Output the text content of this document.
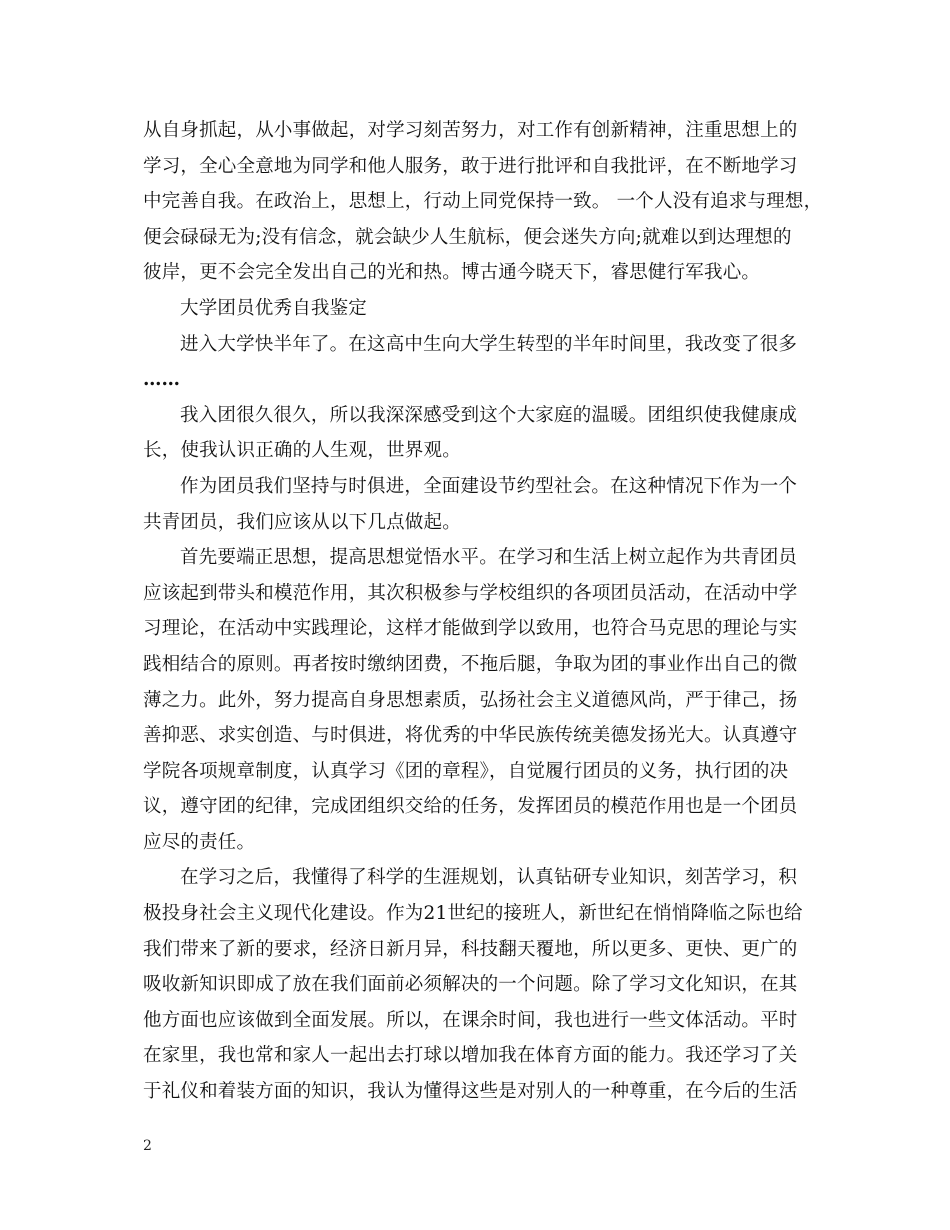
从自身抓起，从小事做起，对学习刻苦努力，对工作有创新精神，注重思想上的
学习，全心全意地为同学和他人服务，敢于进行批评和自我批评，在不断地学习
中完善自我。在政治上，思想上，行动上同党保持一致。 一个人没有追求与理想，
便会碌碌无为;没有信念，就会缺少人生航标，便会迷失方向;就难以到达理想的
彼岸，更不会完全发出自己的光和热。博古通今晓天下，睿思健行军我心。
大学团员优秀自我鉴定
进入大学快半年了。在这高中生向大学生转型的半年时间里，我改变了很多
……
我入团很久很久，所以我深深感受到这个大家庭的温暖。团组织使我健康成
长，使我认识正确的人生观，世界观。
作为团员我们坚持与时俱进，全面建设节约型社会。在这种情况下作为一个
共青团员，我们应该从以下几点做起。
首先要端正思想，提高思想觉悟水平。在学习和生活上树立起作为共青团员
应该起到带头和模范作用，其次积极参与学校组织的各项团员活动，在活动中学
习理论，在活动中实践理论，这样才能做到学以致用，也符合马克思的理论与实
践相结合的原则。再者按时缴纳团费，不拖后腿，争取为团的事业作出自己的微
薄之力。此外，努力提高自身思想素质，弘扬社会主义道德风尚，严于律己，扬
善抑恶、求实创造、与时俱进，将优秀的中华民族传统美德发扬光大。认真遵守
学院各项规章制度，认真学习《团的章程》，自觉履行团员的义务，执行团的决
议，遵守团的纪律，完成团组织交给的任务，发挥团员的模范作用也是一个团员
应尽的责任。
在学习之后，我懂得了科学的生涯规划，认真钻研专业知识，刻苦学习，积
极投身社会主义现代化建设。作为21世纪的接班人，新世纪在悄悄降临之际也给
我们带来了新的要求，经济日新月异，科技翻天覆地，所以更多、更快、更广的
吸收新知识即成了放在我们面前必须解决的一个问题。除了学习文化知识，在其
他方面也应该做到全面发展。所以，在课余时间，我也进行一些文体活动。平时
在家里，我也常和家人一起出去打球以增加我在体育方面的能力。我还学习了关
于礼仪和着装方面的知识，我认为懂得这些是对别人的一种尊重，在今后的生活
2
